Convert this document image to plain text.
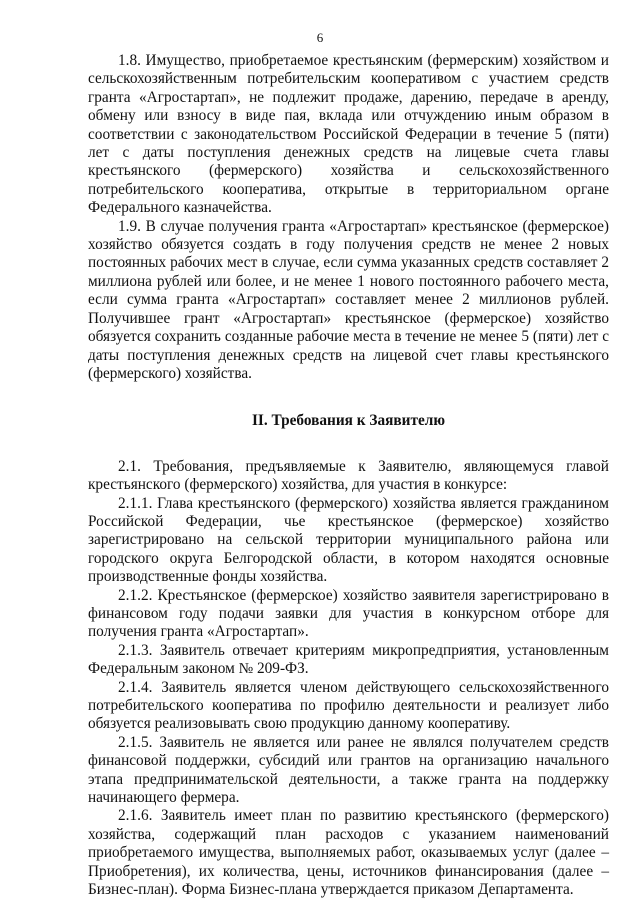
6

1.8. Имущество, приобретаемое крестьянским (фермерским) хозяйством и сельскохозяйственным потребительским кооперативом с участием средств гранта «Агростартап», не подлежит продаже, дарению, передаче в аренду, обмену или взносу в виде пая, вклада или отчуждению иным образом в соответствии с законодательством Российской Федерации в течение 5 (пяти) лет с даты поступления денежных средств на лицевые счета главы крестьянского (фермерского) хозяйства и сельскохозяйственного потребительского кооператива, открытые в территориальном органе Федерального казначейства.

1.9. В случае получения гранта «Агростартап» крестьянское (фермерское) хозяйство обязуется создать в году получения средств не менее 2 новых постоянных рабочих мест в случае, если сумма указанных средств составляет 2 миллиона рублей или более, и не менее 1 нового постоянного рабочего места, если сумма гранта «Агростартап» составляет менее 2 миллионов рублей. Получившее грант «Агростартап» крестьянское (фермерское) хозяйство обязуется сохранить созданные рабочие места в течение не менее 5 (пяти) лет с даты поступления денежных средств на лицевой счет главы крестьянского (фермерского) хозяйства.

II. Требования к Заявителю

2.1. Требования, предъявляемые к Заявителю, являющемуся главой крестьянского (фермерского) хозяйства, для участия в конкурсе:

2.1.1. Глава крестьянского (фермерского) хозяйства является гражданином Российской Федерации, чье крестьянское (фермерское) хозяйство зарегистрировано на сельской территории муниципального района или городского округа Белгородской области, в котором находятся основные производственные фонды хозяйства.

2.1.2. Крестьянское (фермерское) хозяйство заявителя зарегистрировано в финансовом году подачи заявки для участия в конкурсном отборе для получения гранта «Агростартап».

2.1.3. Заявитель отвечает критериям микропредприятия, установленным Федеральным законом № 209-ФЗ.

2.1.4. Заявитель является членом действующего сельскохозяйственного потребительского кооператива по профилю деятельности и реализует либо обязуется реализовывать свою продукцию данному кооперативу.

2.1.5. Заявитель не является или ранее не являлся получателем средств финансовой поддержки, субсидий или грантов на организацию начального этапа предпринимательской деятельности, а также гранта на поддержку начинающего фермера.

2.1.6. Заявитель имеет план по развитию крестьянского (фермерского) хозяйства, содержащий план расходов с указанием наименований приобретаемого имущества, выполняемых работ, оказываемых услуг (далее – Приобретения), их количества, цены, источников финансирования (далее – Бизнес-план). Форма Бизнес-плана утверждается приказом Департамента.
